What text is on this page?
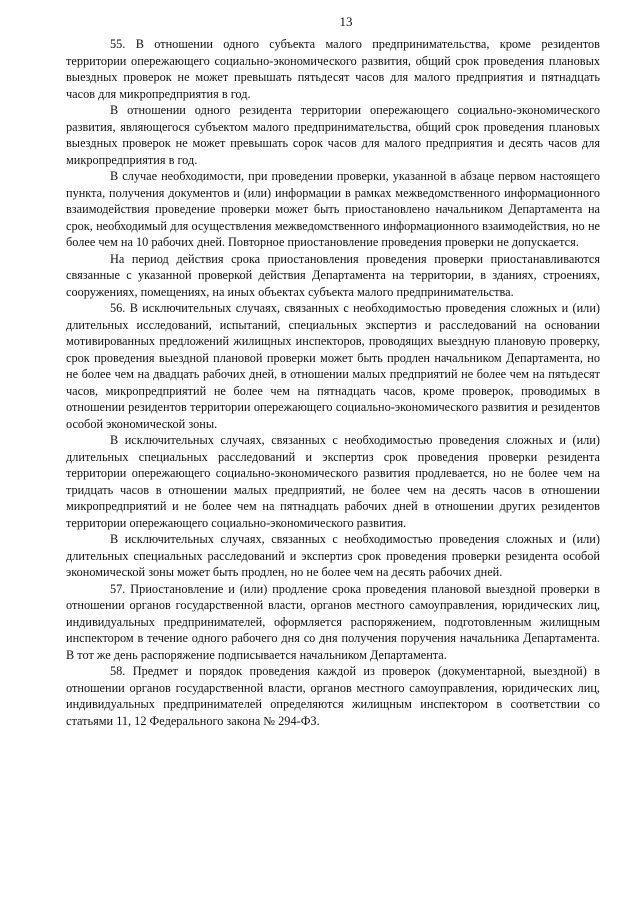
13

55. В отношении одного субъекта малого предпринимательства, кроме резидентов территории опережающего социально-экономического развития, общий срок проведения плановых выездных проверок не может превышать пятьдесят часов для малого предприятия и пятнадцать часов для микропредприятия в год.

В отношении одного резидента территории опережающего социально-экономического развития, являющегося субъектом малого предпринимательства, общий срок проведения плановых выездных проверок не может превышать сорок часов для малого предприятия и десять часов для микропредприятия в год.

В случае необходимости, при проведении проверки, указанной в абзаце первом настоящего пункта, получения документов и (или) информации в рамках межведомственного информационного взаимодействия проведение проверки может быть приостановлено начальником Департамента на срок, необходимый для осуществления межведомственного информационного взаимодействия, но не более чем на 10 рабочих дней. Повторное приостановление проведения проверки не допускается.

На период действия срока приостановления проведения проверки приостанавливаются связанные с указанной проверкой действия Департамента на территории, в зданиях, строениях, сооружениях, помещениях, на иных объектах субъекта малого предпринимательства.

56. В исключительных случаях, связанных с необходимостью проведения сложных и (или) длительных исследований, испытаний, специальных экспертиз и расследований на основании мотивированных предложений жилищных инспекторов, проводящих выездную плановую проверку, срок проведения выездной плановой проверки может быть продлен начальником Департамента, но не более чем на двадцать рабочих дней, в отношении малых предприятий не более чем на пятьдесят часов, микропредприятий не более чем на пятнадцать часов, кроме проверок, проводимых в отношении резидентов территории опережающего социально-экономического развития и резидентов особой экономической зоны.

В исключительных случаях, связанных с необходимостью проведения сложных и (или) длительных специальных расследований и экспертиз срок проведения проверки резидента территории опережающего социально-экономического развития продлевается, но не более чем на тридцать часов в отношении малых предприятий, не более чем на десять часов в отношении микропредприятий и не более чем на пятнадцать рабочих дней в отношении других резидентов территории опережающего социально-экономического развития.

В исключительных случаях, связанных с необходимостью проведения сложных и (или) длительных специальных расследований и экспертиз срок проведения проверки резидента особой экономической зоны может быть продлен, но не более чем на десять рабочих дней.

57. Приостановление и (или) продление срока проведения плановой выездной проверки в отношении органов государственной власти, органов местного самоуправления, юридических лиц, индивидуальных предпринимателей, оформляется распоряжением, подготовленным жилищным инспектором в течение одного рабочего дня со дня получения поручения начальника Департамента. В тот же день распоряжение подписывается начальником Департамента.

58. Предмет и порядок проведения каждой из проверок (документарной, выездной) в отношении органов государственной власти, органов местного самоуправления, юридических лиц, индивидуальных предпринимателей определяются жилищным инспектором в соответствии со статьями 11, 12 Федерального закона № 294-ФЗ.
